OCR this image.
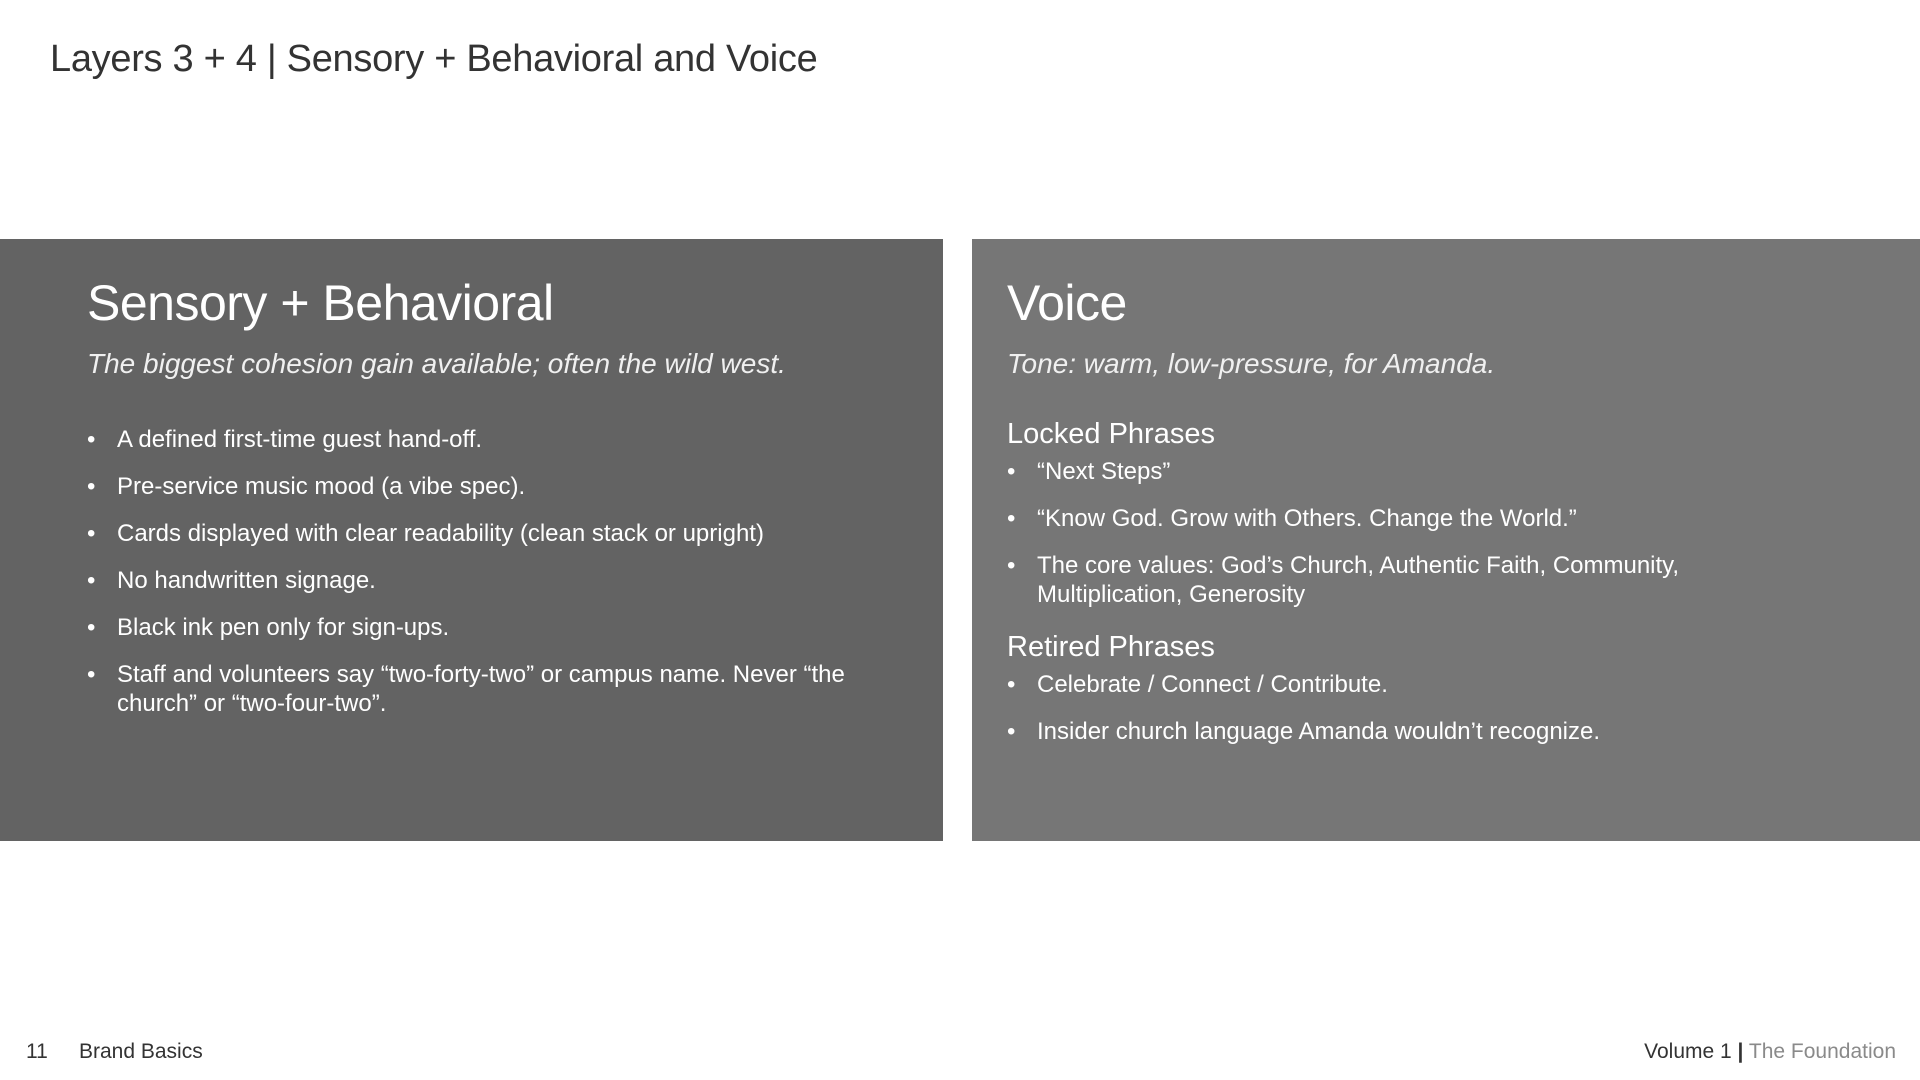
Layers 3 + 4 | Sensory + Behavioral and Voice
Sensory + Behavioral

The biggest cohesion gain available; often the wild west.

• A defined first-time guest hand-off.
• Pre-service music mood (a vibe spec).
• Cards displayed with clear readability (clean stack or upright)
• No handwritten signage.
• Black ink pen only for sign-ups.
• Staff and volunteers say “two-forty-two” or campus name. Never “the church” or “two-four-two”.
Voice

Tone: warm, low-pressure, for Amanda.

Locked Phrases
• “Next Steps”
• “Know God. Grow with Others. Change the World.”
• The core values: God’s Church, Authentic Faith, Community, Multiplication, Generosity
Retired Phrases
• Celebrate / Connect / Contribute.
• Insider church language Amanda wouldn’t recognize.
11 Brand Basics	Volume 1 | The Foundation
